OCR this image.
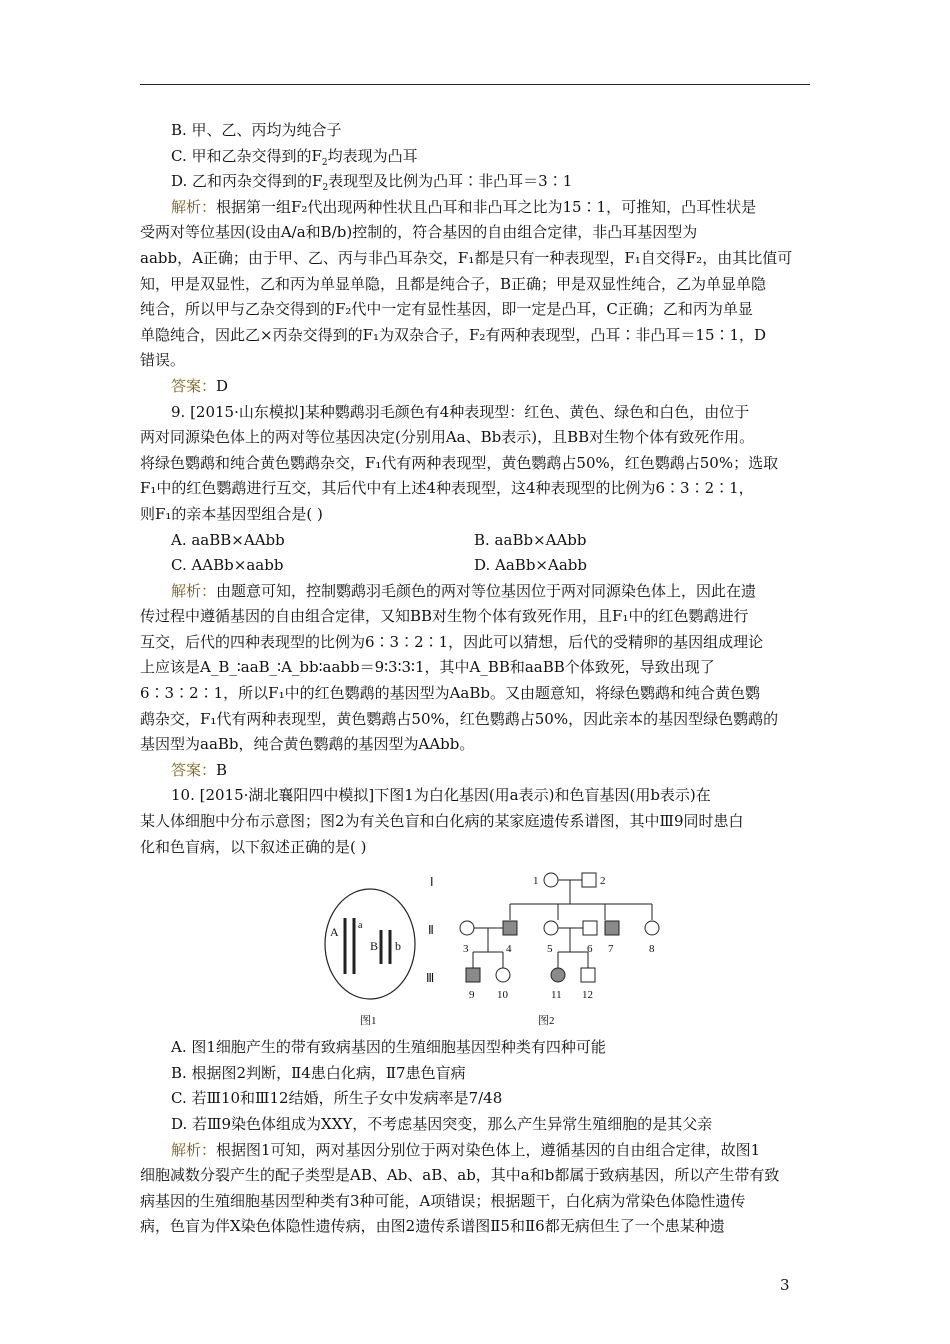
B. 甲、乙、丙均为纯合子

C. 甲和乙杂交得到的$F_2$均表现为凸耳

D. 乙和丙杂交得到的$F_2$表现型及比例为凸耳∶非凸耳＝3∶1

解析：根据第一组F₂代出现两种性状且凸耳和非凸耳之比为15∶1，可推知，凸耳性状是

受两对等位基因(设由A/a和B/b)控制的，符合基因的自由组合定律，非凸耳基因型为

aabb，A正确；由于甲、乙、丙与非凸耳杂交，F₁都是只有一种表现型，F₁自交得F₂，由其比值可

知，甲是双显性，乙和丙为单显单隐，且都是纯合子，B正确；甲是双显性纯合，乙为单显单隐

纯合，所以甲与乙杂交得到的F₂代中一定有显性基因，即一定是凸耳，C正确；乙和丙为单显

单隐纯合，因此乙×丙杂交得到的F₁为双杂合子，F₂有两种表现型，凸耳∶非凸耳＝15∶1，D

错误。

答案：D

9. [2015·山东模拟]某种鹦鹉羽毛颜色有4种表现型：红色、黄色、绿色和白色，由位于

两对同源染色体上的两对等位基因决定(分别用Aa、Bb表示)，且BB对生物个体有致死作用。

将绿色鹦鹉和纯合黄色鹦鹉杂交，F₁代有两种表现型，黄色鹦鹉占50%，红色鹦鹉占50%；选取

F₁中的红色鹦鹉进行互交，其后代中有上述4种表现型，这4种表现型的比例为6∶3∶2∶1，

则F₁的亲本基因型组合是( )

A. aaBB×AAbb	B. aaBb×AAbb
C. AABb×aabb	D. AaBb×Aabb

解析：由题意可知，控制鹦鹉羽毛颜色的两对等位基因位于两对同源染色体上，因此在遗

传过程中遵循基因的自由组合定律，又知BB对生物个体有致死作用，且F₁中的红色鹦鹉进行

互交，后代的四种表现型的比例为6∶3∶2∶1，因此可以猜想，后代的受精卵的基因组成理论

上应该是A_B_∶aaB_∶A_bb∶aabb＝9∶3∶3∶1，其中A_BB和aaBB个体致死，导致出现了

6∶3∶2∶1，所以F₁中的红色鹦鹉的基因型为AaBb。又由题意知，将绿色鹦鹉和纯合黄色鹦

鹉杂交，F₁代有两种表现型，黄色鹦鹉占50%，红色鹦鹉占50%，因此亲本的基因型绿色鹦鹉的

基因型为aaBb，纯合黄色鹦鹉的基因型为AAbb。

答案：B

10. [2015·湖北襄阳四中模拟]下图1为白化基因(用a表示)和色盲基因(用b表示)在

某人体细胞中分布示意图；图2为有关色盲和白化病的某家庭遗传系谱图，其中Ⅲ9同时患白

化和色盲病，以下叙述正确的是( )

A a
B b
图1
Ⅰ
Ⅱ
Ⅲ
1	2
3	4	5	6 7	8
9 10	11 12
图2

A. 图1细胞产生的带有致病基因的生殖细胞基因型种类有四种可能

B. 根据图2判断，Ⅱ4患白化病，Ⅱ7患色盲病

C. 若Ⅲ10和Ⅲ12结婚，所生子女中发病率是7/48

D. 若Ⅲ9染色体组成为XXY，不考虑基因突变，那么产生异常生殖细胞的是其父亲

解析：根据图1可知，两对基因分别位于两对染色体上，遵循基因的自由组合定律，故图1

细胞减数分裂产生的配子类型是AB、Ab、aB、ab，其中a和b都属于致病基因，所以产生带有致

病基因的生殖细胞基因型种类有3种可能，A项错误；根据题干，白化病为常染色体隐性遗传

病，色盲为伴X染色体隐性遗传病，由图2遗传系谱图Ⅱ5和Ⅱ6都无病但生了一个患某种遗

3
